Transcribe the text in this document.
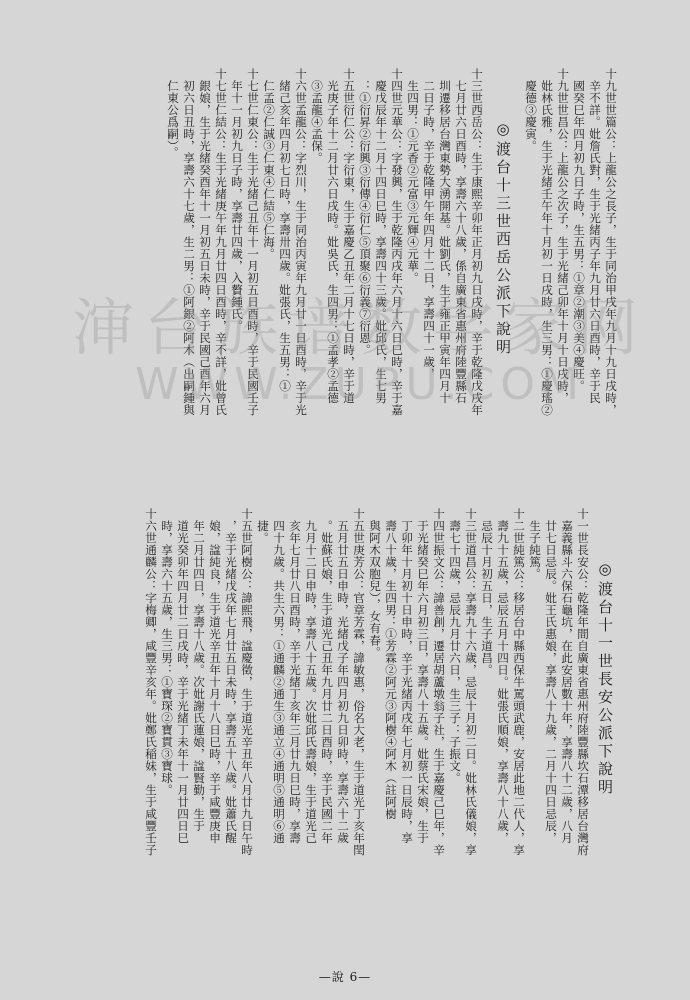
十九世世篇公：上龍公之長子，生于同治甲戌年九月十九日戌時，
　辛不詳。妣詹氏對，生于光緒丙子年九月廿六日酉時，辛于民
　國癸巳年四月初九日子時，生五男：①章②潮③美④慶旺。
十九世世昌公：上龍公之次子，生于光緒己卯年十月十日戌時，
　妣林氏雅，生于光緒壬午年十月初一日戌時，生三男：①慶瑤②
　慶德③慶寅。
◎渡台十三世西岳公派下說明
十三世西岳公：生于康熙辛卯年正月初九日戌時，辛于乾隆戊戌年
　七月廿六日酉時，享壽六十八歲，係自廣東省惠州府陸豐縣石
　圳遷移居台灣東勢大湧開基。妣劉氏，生于雍正甲寅年四月十
　二日子時，辛于乾隆甲午年四月十二日，享壽四十一歲，
　生四男：①元香②元富③元輝④元華。
十四世元華公：字發興，生于乾隆丙戌年六月十六日巳時，辛于嘉
　慶戊辰年十二月十四日巳時，享壽四十三歲。妣邱氏，生七男
　：①衍昇②衍興③衍傳④衍仁⑤頂聚⑥衍義⑦衍恩。
十五世衍仁公：字衍東，生于嘉慶乙丑年二月十七日時，辛于道
　光庚子年十二月廿六日戌時。妣吳氏，生四男：①孟孝②孟德
　③孟龍④孟保。
十六世孟龍公：字烈川，生于同治丙寅年九月廿一日酉時，辛于光
　緒己亥年四月初七日時，享壽卅四歲。妣張氏，生五男：①
　仁孟②仁誠③仁東④仁結⑤仁海。
十七世仁東公：生于光緒己丑年十一月初五日酉時，辛于民國壬子
　年十一月初九日子時，享壽廿四歲，入贅鍾氏。
十七世仁結公：生于光緒庚午年九月廿四日酉時，辛不詳，妣曾氏
　銀娘，生于光緒癸酉年十一月初五日未時，辛于民國己酉年六月
　初六日丑時，享壽六十七歲，生二男：①阿銀②阿木（出嗣鍾與
　仁東公爲嗣）。
◎渡台十一世長安公派下說明
十一世長安公：乾隆年間自廣東省惠州府陸豐縣坎石潭移居台灣府
　嘉義縣斗六保石龜坑，在此安居數十年，享壽八十二歲，八月
　廿七日忌辰。妣王氏惠娘，享壽八十九歲，二月十四日忌辰，
　生子純篤。
十二世純篤公：移居台中縣西保牛罵頭武鹿，安居此地二代人，享
　壽九十五歲，忌辰五月十四日。妣張氏順娘，享壽八十八歲，
　忌辰十月初五日，生子道昌。
十三世道昌公：享壽九十六歲，忌辰十月初二日。妣林氏儀娘，享
　壽七十四歲，忌辰九月廿六日，生三子：子振文。
十四世振文公：諱善創，遷居胡蘆墩翁子社，生于嘉慶己巳年，辛
　于光緒癸巳年六月初三日，享壽八十五歲。妣蔡氏宋娘，生于
　丁卯年十月初十日申時，辛于光緒丙戌年七月初一日辰時，享
　壽八十歲，生四男：①芳霖②阿元③阿樹④阿木（註阿樹
　與阿木双胞兒），女有春。
十五世庚芳公：官章芳霖，諱敏惠，俗名大老，生于道光丁亥年閏
　五月廿五日申時，光緒戊子年四月初九日卯時，享壽六十二歲
　。妣蘇氏娘，生于道光己丑年九月廿二日酉時，辛于民國二年
　九月十二日申時，享壽八十五歲。次妣邱氏壽娘，生于道光己
　亥年七月廿八日酉時，辛于光緒丁亥年三月廿九日巳時，享壽
　四十九歲。共生六男：①通麟②通生③通立④通明⑤通明⑥通
　捷。
十五世阿樹公：諱熙飛，諡慶徵，生于道光辛丑年八月廿九日午時
　，辛于光緒戊戌年七月廿五日未時，享壽五十八歲。妣蕭氏醒
　娘，諡純良，生于道光辛丑年十月十八日巳時，辛于咸豐庚申
　年二月廿四日，享壽十八歲。次妣謝氏蓮娘，諡賢勤，生于
　道光癸卯年四月廿二日戌時，辛于光緒丁未年十一月廿四日巳
　時，享壽六十五歲，生三男：①寶琛②寶貫③寶球。
十六世通麟公：字梅卿，咸豐辛亥年。妣鄭氏稲妹，生于咸豐壬子
渖台族谱数字家网
WWW.ZUPU.COM
—說 6—
